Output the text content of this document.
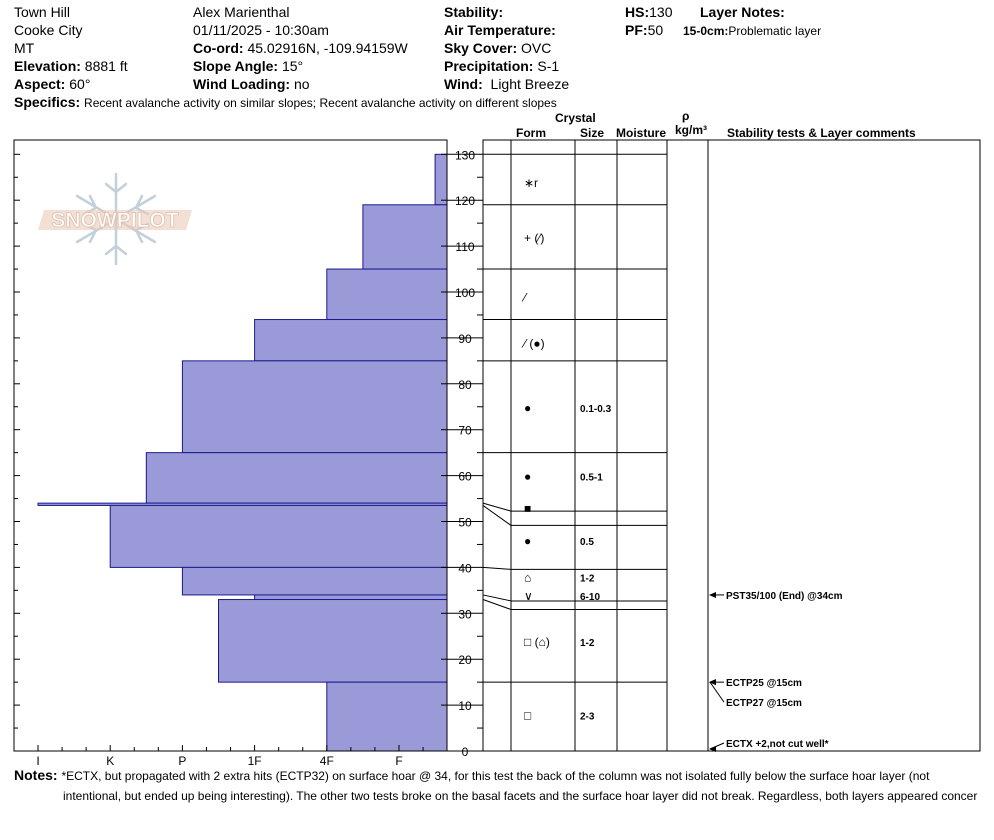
Town Hill
Cooke City
MT
Elevation: 8881 ft
Aspect: 60°
Alex Marienthal
01/11/2025 - 10:30am
Co-ord: 45.02916N, -109.94159W
Slope Angle: 15°
Wind Loading: no
Stability:
Air Temperature:
Sky Cover: OVC
Precipitation: S-1
Wind: Light Breeze
HS:130
PF:50
Layer Notes:
15-0cm:Problematic layer
Specifics: Recent avalanche activity on similar slopes; Recent avalanche activity on different slopes
Crystal
Form	Size Moisture
ρ
kg/m³ Stability tests & Layer comments
SNOWPILOT
I	K	P	1F	4F	F
0
10
20
30
40
50
60
70
80
90
100
110
120
130
∗r
+ (⁄)
⁄
⁄ (●)
●	0.1-0.3
●	0.5-1
■
●	0.5
⌂	1-2
∨	6-10
□ (⌂)	1-2
□	2-3
PST35/100 (End) @34cm
ECTP25 @15cm
ECTP27 @15cm
ECTX +2,not cut well*
Notes: *ECTX, but propagated with 2 extra hits (ECTP32) on surface hoar @ 34, for this test the back of the column was not isolated fully below the surface hoar layer (not
intentional, but ended up being interesting). The other two tests broke on the basal facets and the surface hoar layer did not break. Regardless, both layers appeared concer
